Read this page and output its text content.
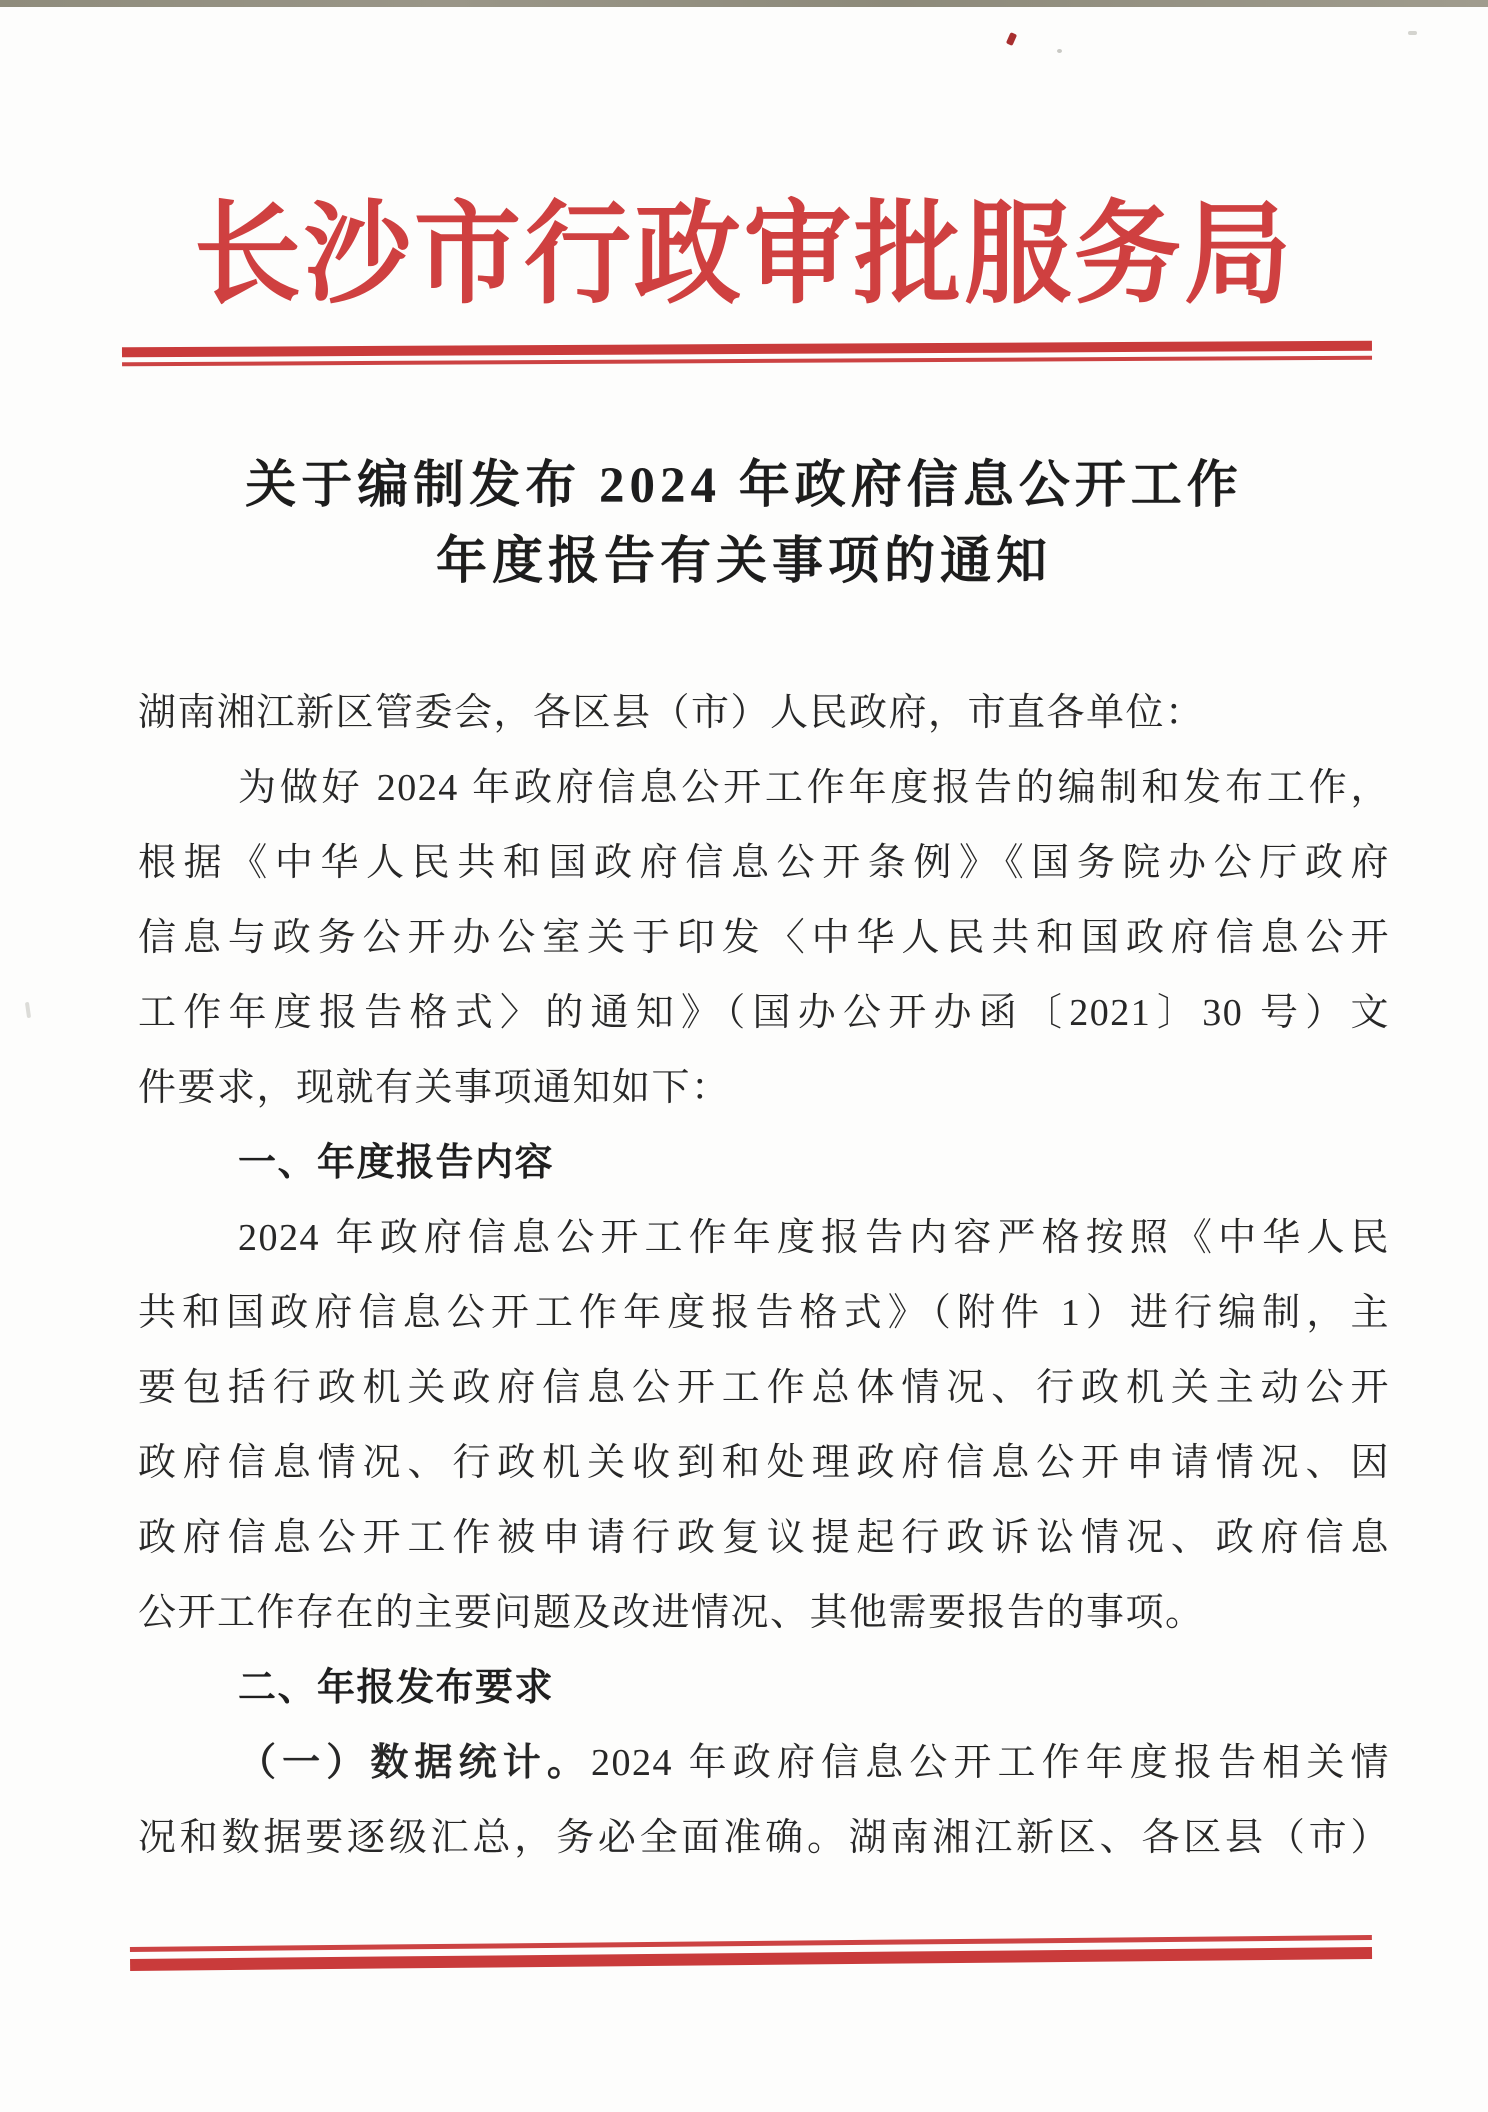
长沙市行政审批服务局
关于编制发布 2024 年政府信息公开工作
年度报告有关事项的通知
湖南湘江新区管委会，各区县（市）人民政府，市直各单位：
为做好 2024 年政府信息公开工作年度报告的编制和发布工作，
根据《中华人民共和国政府信息公开条例》《国务院办公厅政府
信息与政务公开办公室关于印发〈中华人民共和国政府信息公开
工作年度报告格式〉的通知》（国办公开办函〔2021〕30 号）文
件要求，现就有关事项通知如下：
一、年度报告内容
2024 年政府信息公开工作年度报告内容严格按照《中华人民
共和国政府信息公开工作年度报告格式》（附件 1）进行编制，主
要包括行政机关政府信息公开工作总体情况、行政机关主动公开
政府信息情况、行政机关收到和处理政府信息公开申请情况、因
政府信息公开工作被申请行政复议提起行政诉讼情况、政府信息
公开工作存在的主要问题及改进情况、其他需要报告的事项。
二、年报发布要求
（一）数据统计。2024 年政府信息公开工作年度报告相关情
况和数据要逐级汇总，务必全面准确。湖南湘江新区、各区县（市）
